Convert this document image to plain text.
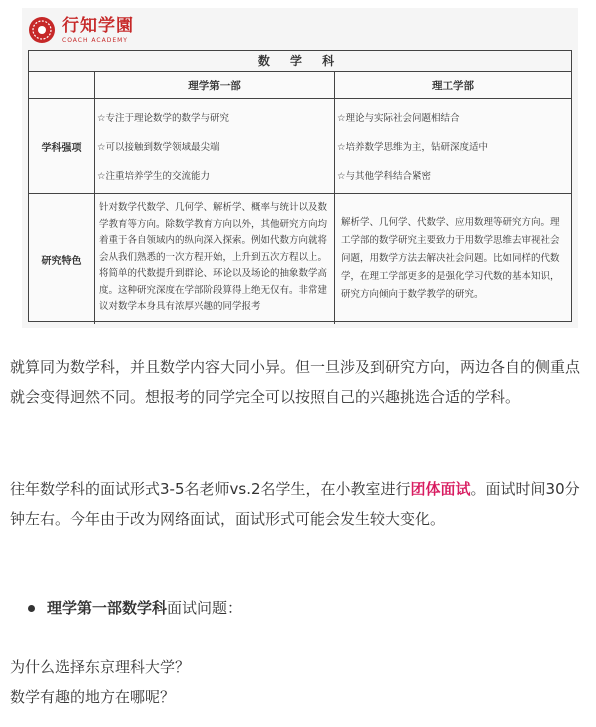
行知学園
COACH ACADEMY
数 学 科
理学第一部	理工学部
学科强项
☆专注于理论数学的数学与研究
☆可以接触到数学领域最尖端
☆注重培养学生的交流能力
☆理论与实际社会问题相结合
☆培养数学思维为主，钻研深度适中
☆与其他学科结合紧密
研究特色
针对数学代数学、几何学、解析学、概率与统计以及数学教育等方向。除数学教育方向以外，其他研究方向均着重于各自领域内的纵向深入探索。例如代数方向就将会从我们熟悉的一次方程开始，上升到五次方程以上。将简单的代数提升到群论、环论以及场论的抽象数学高度。这种研究深度在学部阶段算得上绝无仅有。非常建议对数学本身具有浓厚兴趣的同学报考
解析学、几何学、代数学、应用数理等研究方向。理工学部的数学研究主要致力于用数学思维去审视社会问题，用数学方法去解决社会问题。比如同样的代数学，在理工学部更多的是强化学习代数的基本知识，研究方向倾向于数学教学的研究。

就算同为数学科，并且数学内容大同小异。但一旦涉及到研究方向，两边各自的侧重点就会变得迥然不同。想报考的同学完全可以按照自己的兴趣挑选合适的学科。

往年数学科的面试形式3-5名老师vs.2名学生，在小教室进行团体面试。面试时间30分钟左右。今年由于改为网络面试，面试形式可能会发生较大变化。

理学第一部数学科 面试问题：
为什么选择东京理科大学？
数学有趣的地方在哪呢？
